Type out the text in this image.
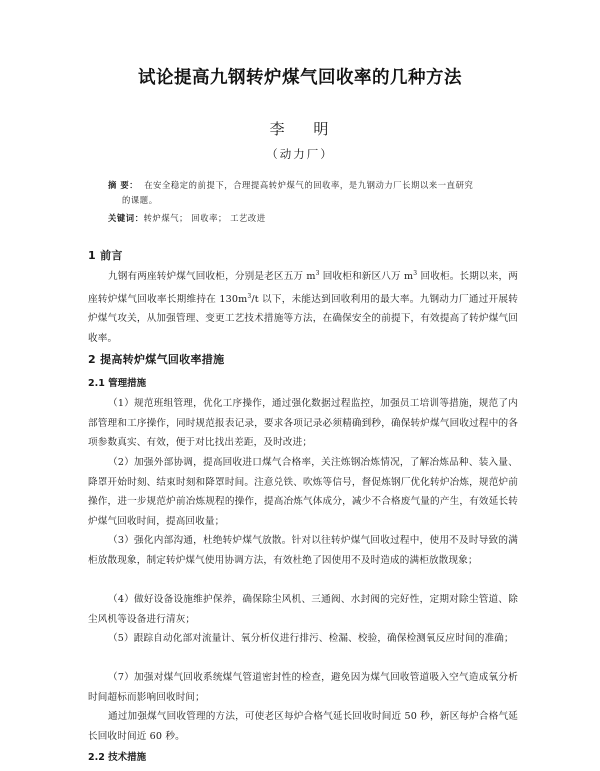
试论提高九钢转炉煤气回收率的几种方法
李 明
（动力厂）
摘 要： 在安全稳定的前提下，合理提高转炉煤气的回收率，是九钢动力厂长期以来一直研究
的课题。
关键词：转炉煤气； 回收率； 工艺改进
1 前言
九钢有两座转炉煤气回收柜，分别是老区五万 $m^3$ 回收柜和新区八万 $m^3$ 回收柜。长期以来，两座转炉煤气回收率长期维持在 $130m^3/t$ 以下，未能达到回收利用的最大率。九钢动力厂通过开展转炉煤气攻关，从加强管理、变更工艺技术措施等方法，在确保安全的前提下，有效提高了转炉煤气回收率。
2 提高转炉煤气回收率措施
2.1 管理措施
（1）规范班组管理，优化工序操作，通过强化数据过程监控，加强员工培训等措施，规范了内部管理和工序操作，同时规范报表记录，要求各项记录必须精确到秒，确保转炉煤气回收过程中的各项参数真实、有效，便于对比找出差距，及时改进；
（2）加强外部协调，提高回收进口煤气合格率，关注炼钢冶炼情况，了解冶炼品种、装入量、降罩开始时刻、结束时刻和降罩时间。注意兑铁、吹炼等信号，督促炼钢厂优化转炉冶炼，规范炉前操作，进一步规范炉前冶炼规程的操作，提高冶炼气体成分，减少不合格废气量的产生，有效延长转炉煤气回收时间，提高回收量；
（3）强化内部沟通，杜绝转炉煤气放散。针对以往转炉煤气回收过程中，使用不及时导致的满柜放散现象，制定转炉煤气使用协调方法，有效杜绝了因使用不及时造成的满柜放散现象；
（4）做好设备设施维护保养，确保除尘风机、三通阀、水封阀的完好性，定期对除尘管道、除尘风机等设备进行清灰；
（5）跟踪自动化部对流量计、氧分析仪进行排污、检漏、校验，确保检测氧反应时间的准确；
（7）加强对煤气回收系统煤气管道密封性的检查，避免因为煤气回收管道吸入空气造成氧分析时间超标而影响回收时间；
通过加强煤气回收管理的方法，可使老区每炉合格气延长回收时间近 50 秒，新区每炉合格气延长回收时间近 60 秒。
2.2 技术措施
